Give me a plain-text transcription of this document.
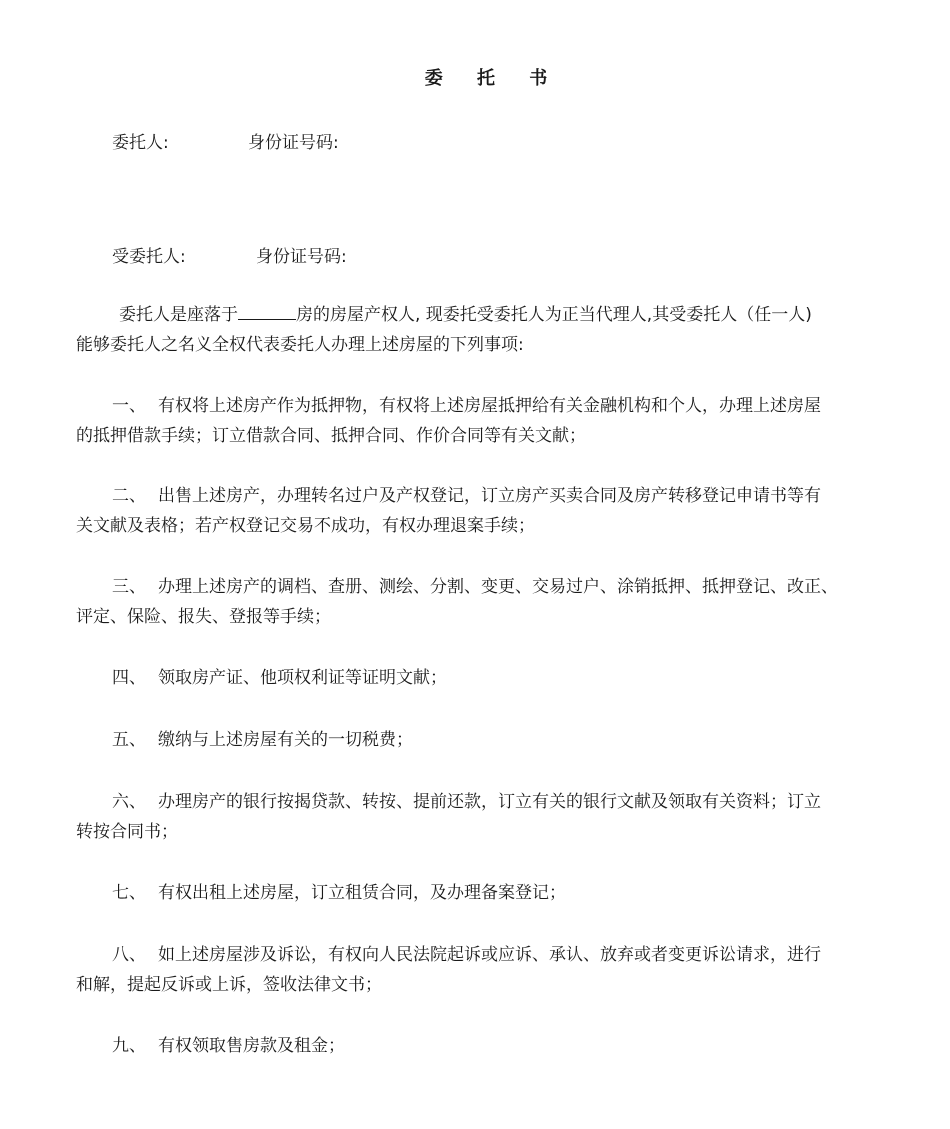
委 托 书
委托人:	身份证号码:
受委托人:	身份证号码:
委托人是座落于	房的房屋产权人, 现委托受委托人为正当代理人,其受委托人（任一人)
能够委托人之名义全权代表委托人办理上述房屋的下列事项:
一、 有权将上述房产作为抵押物，有权将上述房屋抵押给有关金融机构和个人，办理上述房屋
的抵押借款手续；订立借款合同、抵押合同、作价合同等有关文献；
二、 出售上述房产，办理转名过户及产权登记，订立房产买卖合同及房产转移登记申请书等有
关文献及表格；若产权登记交易不成功，有权办理退案手续；
三、 办理上述房产的调档、查册、测绘、分割、变更、交易过户、涂销抵押、抵押登记、改正、
评定、保险、报失、登报等手续；
四、 领取房产证、他项权利证等证明文献；
五、 缴纳与上述房屋有关的一切税费；
六、 办理房产的银行按揭贷款、转按、提前还款，订立有关的银行文献及领取有关资料；订立
转按合同书；
七、 有权出租上述房屋，订立租赁合同，及办理备案登记；
八、 如上述房屋涉及诉讼，有权向人民法院起诉或应诉、承认、放弃或者变更诉讼请求，进行
和解，提起反诉或上诉，签收法律文书；
九、 有权领取售房款及租金；
